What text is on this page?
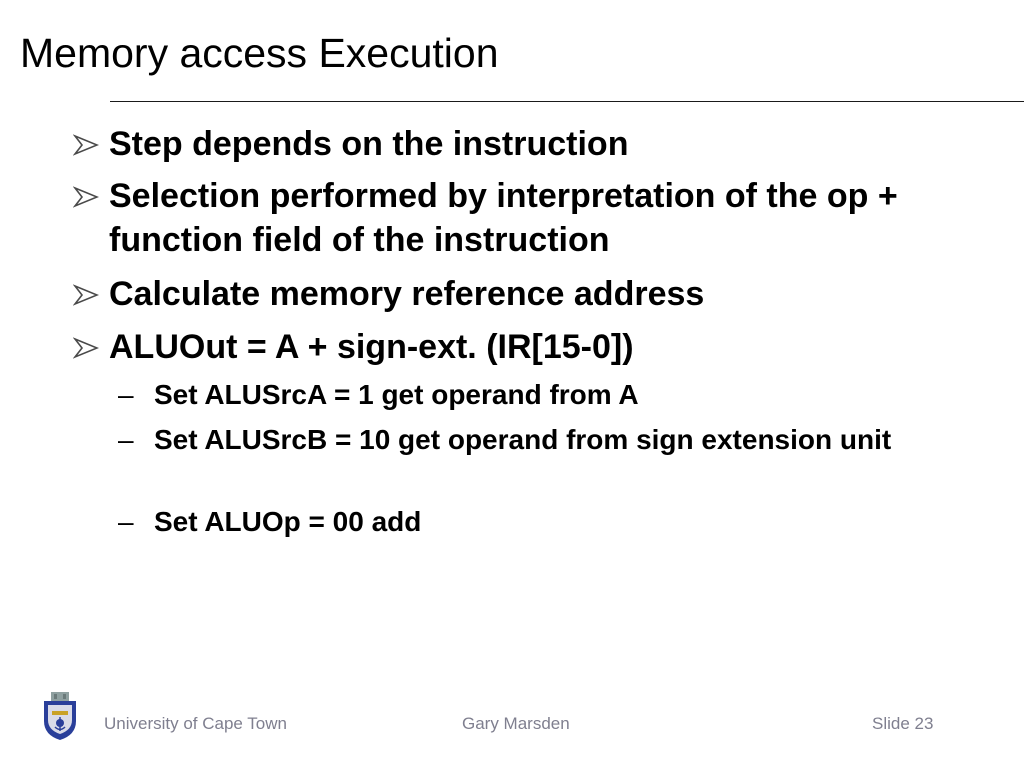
Memory access Execution
Step depends on the instruction
Selection performed by interpretation of the op + function field of the instruction
Calculate memory reference address
ALUOut = A + sign-ext. (IR[15-0])
– Set ALUSrcA = 1 get operand from A
– Set ALUSrcB = 10 get operand from sign extension unit
– Set ALUOp = 00 add
University of Cape Town	Gary Marsden	Slide 23
